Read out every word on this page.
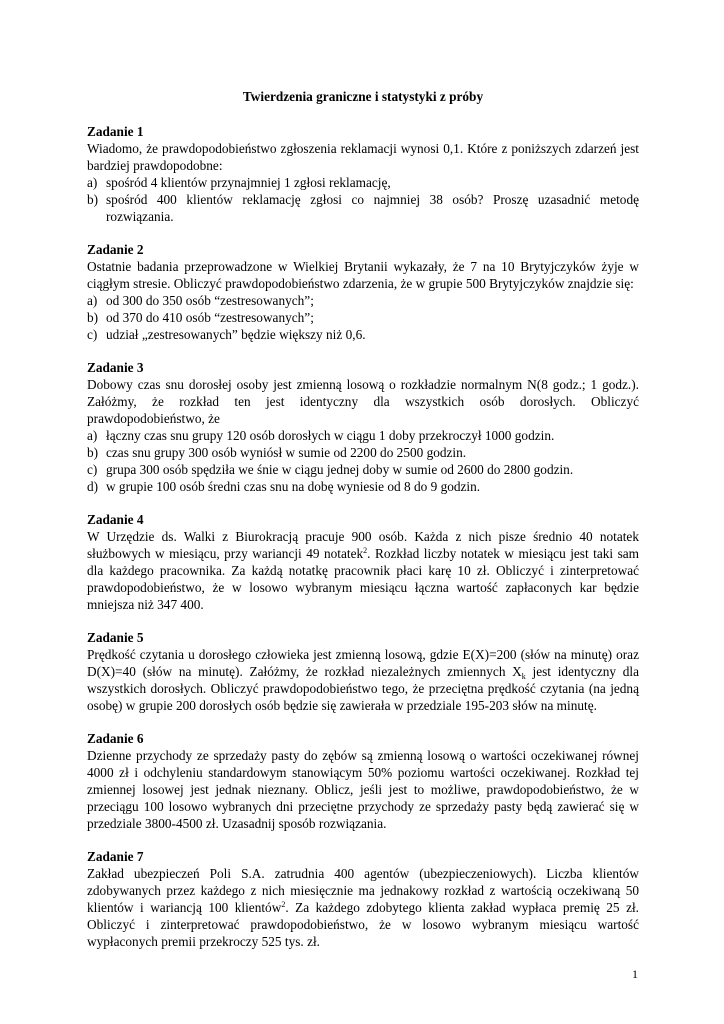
Twierdzenia graniczne i statystyki z próby
Zadanie 1
Wiadomo, że prawdopodobieństwo zgłoszenia reklamacji wynosi 0,1. Które z poniższych zdarzeń jest bardziej prawdopodobne:
a) spośród 4 klientów przynajmniej 1 zgłosi reklamację,
b) spośród 400 klientów reklamację zgłosi co najmniej 38 osób? Proszę uzasadnić metodę rozwiązania.
Zadanie 2
Ostatnie badania przeprowadzone w Wielkiej Brytanii wykazały, że 7 na 10 Brytyjczyków żyje w ciągłym stresie. Obliczyć prawdopodobieństwo zdarzenia, że w grupie 500 Brytyjczyków znajdzie się:
a) od 300 do 350 osób “zestresowanych”;
b) od 370 do 410 osób “zestresowanych”;
c) udział „zestresowanych” będzie większy niż 0,6.
Zadanie 3
Dobowy czas snu dorosłej osoby jest zmienną losową o rozkładzie normalnym N(8 godz.; 1 godz.). Załóżmy, że rozkład ten jest identyczny dla wszystkich osób dorosłych. Obliczyć prawdopodobieństwo, że
a) łączny czas snu grupy 120 osób dorosłych w ciągu 1 doby przekroczył 1000 godzin.
b) czas snu grupy 300 osób wyniósł w sumie od 2200 do 2500 godzin.
c) grupa 300 osób spędziła we śnie w ciągu jednej doby w sumie od 2600 do 2800 godzin.
d) w grupie 100 osób średni czas snu na dobę wyniesie od 8 do 9 godzin.
Zadanie 4
W Urzędzie ds. Walki z Biurokracją pracuje 900 osób. Każda z nich pisze średnio 40 notatek służbowych w miesiącu, przy wariancji 49 notatek$^2$. Rozkład liczby notatek w miesiącu jest taki sam dla każdego pracownika. Za każdą notatkę pracownik płaci karę 10 zł. Obliczyć i zinterpretować prawdopodobieństwo, że w losowo wybranym miesiącu łączna wartość zapłaconych kar będzie mniejsza niż 347 400.
Zadanie 5
Prędkość czytania u dorosłego człowieka jest zmienną losową, gdzie E(X)=200 (słów na minutę) oraz D(X)=40 (słów na minutę). Załóżmy, że rozkład niezależnych zmiennych $X_k$ jest identyczny dla wszystkich dorosłych. Obliczyć prawdopodobieństwo tego, że przeciętna prędkość czytania (na jedną osobę) w grupie 200 dorosłych osób będzie się zawierała w przedziale 195-203 słów na minutę.
Zadanie 6
Dzienne przychody ze sprzedaży pasty do zębów są zmienną losową o wartości oczekiwanej równej 4000 zł i odchyleniu standardowym stanowiącym 50% poziomu wartości oczekiwanej. Rozkład tej zmiennej losowej jest jednak nieznany. Oblicz, jeśli jest to możliwe, prawdopodobieństwo, że w przeciągu 100 losowo wybranych dni przeciętne przychody ze sprzedaży pasty będą zawierać się w przedziale 3800-4500 zł. Uzasadnij sposób rozwiązania.
Zadanie 7
Zakład ubezpieczeń Poli S.A. zatrudnia 400 agentów (ubezpieczeniowych). Liczba klientów zdobywanych przez każdego z nich miesięcznie ma jednakowy rozkład z wartością oczekiwaną 50 klientów i wariancją 100 klientów$^2$. Za każdego zdobytego klienta zakład wypłaca premię 25 zł. Obliczyć i zinterpretować prawdopodobieństwo, że w losowo wybranym miesiącu wartość wypłaconych premii przekroczy 525 tys. zł.
1
